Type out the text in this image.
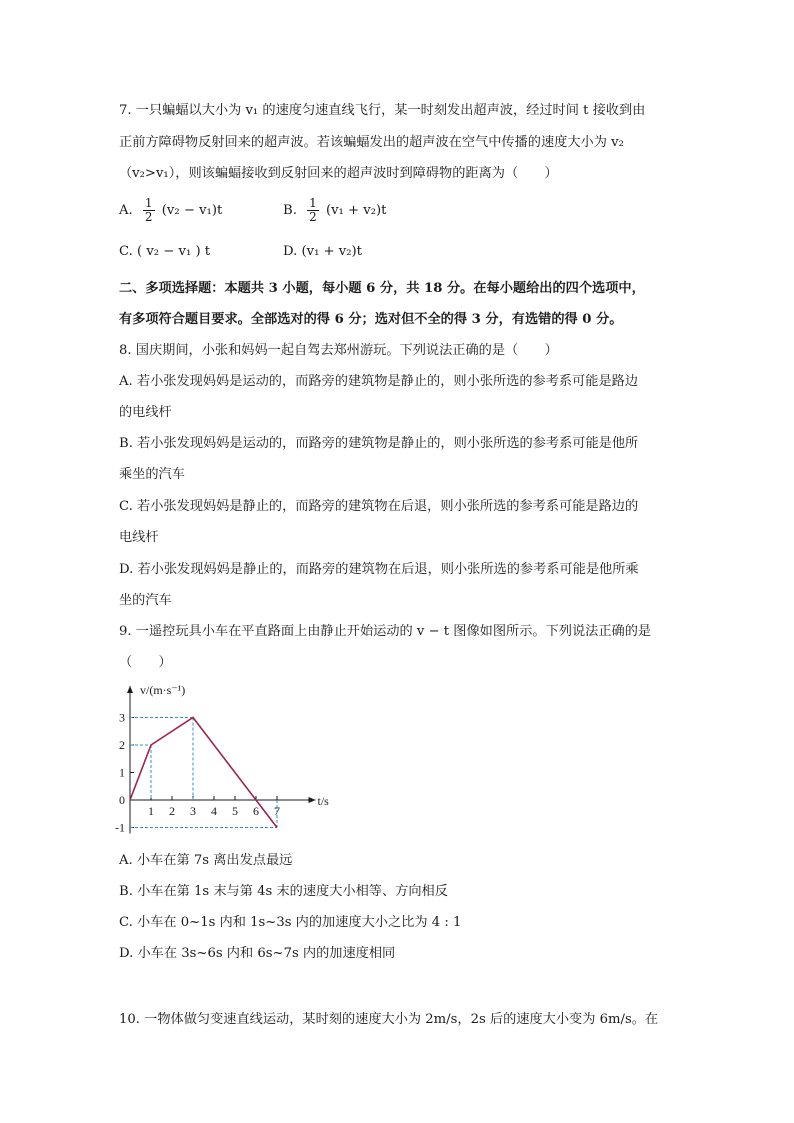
7. 一只蝙蝠以大小为 v₁ 的速度匀速直线飞行，某一时刻发出超声波，经过时间 t 接收到由
正前方障碍物反射回来的超声波。若该蝙蝠发出的超声波在空气中传播的速度大小为 v₂
（v₂>v₁），则该蝙蝠接收到反射回来的超声波时到障碍物的距离为（　　）
A. $\frac{1}{2} (v_2 - v_1)t$	B. $\frac{1}{2} (v_1 + v_2)t$
C. ( v₂ − v₁ ) t	D. (v₁ + v₂)t
二、多项选择题：本题共 3 小题，每小题 6 分，共 18 分。在每小题给出的四个选项中，
有多项符合题目要求。全部选对的得 6 分；选对但不全的得 3 分，有选错的得 0 分。
8. 国庆期间，小张和妈妈一起自驾去郑州游玩。下列说法正确的是（　　）
A. 若小张发现妈妈是运动的，而路旁的建筑物是静止的，则小张所选的参考系可能是路边
的电线杆
B. 若小张发现妈妈是运动的，而路旁的建筑物是静止的，则小张所选的参考系可能是他所
乘坐的汽车
C. 若小张发现妈妈是静止的，而路旁的建筑物在后退，则小张所选的参考系可能是路边的
电线杆
D. 若小张发现妈妈是静止的，而路旁的建筑物在后退，则小张所选的参考系可能是他所乘
坐的汽车
9. 一遥控玩具小车在平直路面上由静止开始运动的 v − t 图像如图所示。下列说法正确的是
（　　）
v/(m·s⁻¹)
t/s
3
2
1
0
-1
1 2 3 4 5 6 7
A. 小车在第 7s 离出发点最远
B. 小车在第 1s 末与第 4s 末的速度大小相等、方向相反
C. 小车在 0~1s 内和 1s~3s 内的加速度大小之比为 4 : 1
D. 小车在 3s~6s 内和 6s~7s 内的加速度相同
10. 一物体做匀变速直线运动，某时刻的速度大小为 2m/s，2s 后的速度大小变为 6m/s。在
